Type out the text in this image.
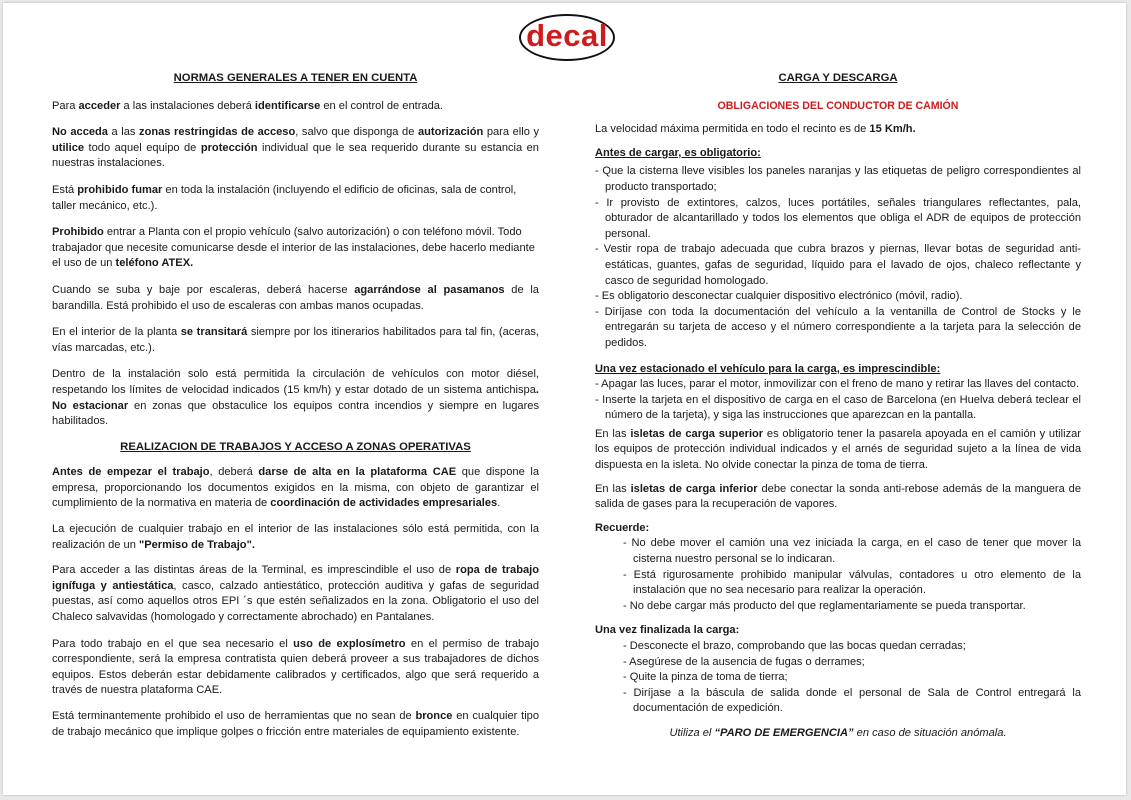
decal
NORMAS GENERALES A TENER EN CUENTA

Para acceder a las instalaciones deberá identificarse en el control de entrada.

No acceda a las zonas restringidas de acceso, salvo que disponga de autorización para ello y utilice todo aquel equipo de protección individual que le sea requerido durante su estancia en nuestras instalaciones.

Está prohibido fumar en toda la instalación (incluyendo el edificio de oficinas, sala de control, taller mecánico, etc.).

Prohibido entrar a Planta con el propio vehículo (salvo autorización) o con teléfono móvil. Todo trabajador que necesite comunicarse desde el interior de las instalaciones, debe hacerlo mediante el uso de un teléfono ATEX.

Cuando se suba y baje por escaleras, deberá hacerse agarrándose al pasamanos de la barandilla. Está prohibido el uso de escaleras con ambas manos ocupadas.

En el interior de la planta se transitará siempre por los itinerarios habilitados para tal fin, (aceras, vías marcadas, etc.).

Dentro de la instalación solo está permitida la circulación de vehículos con motor diésel, respetando los límites de velocidad indicados (15 km/h) y estar dotado de un sistema antichispa. No estacionar en zonas que obstaculice los equipos contra incendios y siempre en lugares habilitados.

REALIZACION DE TRABAJOS Y ACCESO A ZONAS OPERATIVAS

Antes de empezar el trabajo, deberá darse de alta en la plataforma CAE que dispone la empresa, proporcionando los documentos exigidos en la misma, con objeto de garantizar el cumplimiento de la normativa en materia de coordinación de actividades empresariales.

La ejecución de cualquier trabajo en el interior de las instalaciones sólo está permitida, con la realización de un "Permiso de Trabajo".

Para acceder a las distintas áreas de la Terminal, es imprescindible el uso de ropa de trabajo ignífuga y antiestática, casco, calzado antiestático, protección auditiva y gafas de seguridad puestas, así como aquellos otros EPI ´s que estén señalizados en la zona. Obligatorio el uso del Chaleco salvavidas (homologado y correctamente abrochado) en Pantalanes.

Para todo trabajo en el que sea necesario el uso de explosímetro en el permiso de trabajo correspondiente, será la empresa contratista quien deberá proveer a sus trabajadores de dichos equipos. Estos deberán estar debidamente calibrados y certificados, algo que será requerido a través de nuestra plataforma CAE.

Está terminantemente prohibido el uso de herramientas que no sean de bronce en cualquier tipo de trabajo mecánico que implique golpes o fricción entre materiales de equipamiento existente.

CARGA Y DESCARGA
OBLIGACIONES DEL CONDUCTOR DE CAMIÓN

La velocidad máxima permitida en todo el recinto es de 15 Km/h.

Antes de cargar, es obligatorio:

- Que la cisterna lleve visibles los paneles naranjas y las etiquetas de peligro correspondientes al producto transportado;

- Ir provisto de extintores, calzos, luces portátiles, señales triangulares reflectantes, pala, obturador de alcantarillado y todos los elementos que obliga el ADR de equipos de protección personal.

- Vestir ropa de trabajo adecuada que cubra brazos y piernas, llevar botas de seguridad anti-estáticas, guantes, gafas de seguridad, líquido para el lavado de ojos, chaleco reflectante y casco de seguridad homologado.

- Es obligatorio desconectar cualquier dispositivo electrónico (móvil, radio).

- Diríjase con toda la documentación del vehículo a la ventanilla de Control de Stocks y le entregarán su tarjeta de acceso y el número correspondiente a la tarjeta para la selección de pedidos.

Una vez estacionado el vehículo para la carga, es imprescindible:

- Apagar las luces, parar el motor, inmovilizar con el freno de mano y retirar las llaves del contacto.

- Inserte la tarjeta en el dispositivo de carga en el caso de Barcelona (en Huelva deberá teclear el número de la tarjeta), y siga las instrucciones que aparezcan en la pantalla.

En las isletas de carga superior es obligatorio tener la pasarela apoyada en el camión y utilizar los equipos de protección individual indicados y el arnés de seguridad sujeto a la línea de vida dispuesta en la isleta. No olvide conectar la pinza de toma de tierra.

En las isletas de carga inferior debe conectar la sonda anti-rebose además de la manguera de salida de gases para la recuperación de vapores.

Recuerde:

- No debe mover el camión una vez iniciada la carga, en el caso de tener que mover la cisterna nuestro personal se lo indicaran.

- Está rigurosamente prohibido manipular válvulas, contadores u otro elemento de la instalación que no sea necesario para realizar la operación.

- No debe cargar más producto del que reglamentariamente se pueda transportar.

Una vez finalizada la carga:

- Desconecte el brazo, comprobando que las bocas quedan cerradas;

- Asegúrese de la ausencia de fugas o derrames;

- Quite la pinza de toma de tierra;

- Diríjase a la báscula de salida donde el personal de Sala de Control entregará la documentación de expedición.

Utiliza el “PARO DE EMERGENCIA” en caso de situación anómala.
